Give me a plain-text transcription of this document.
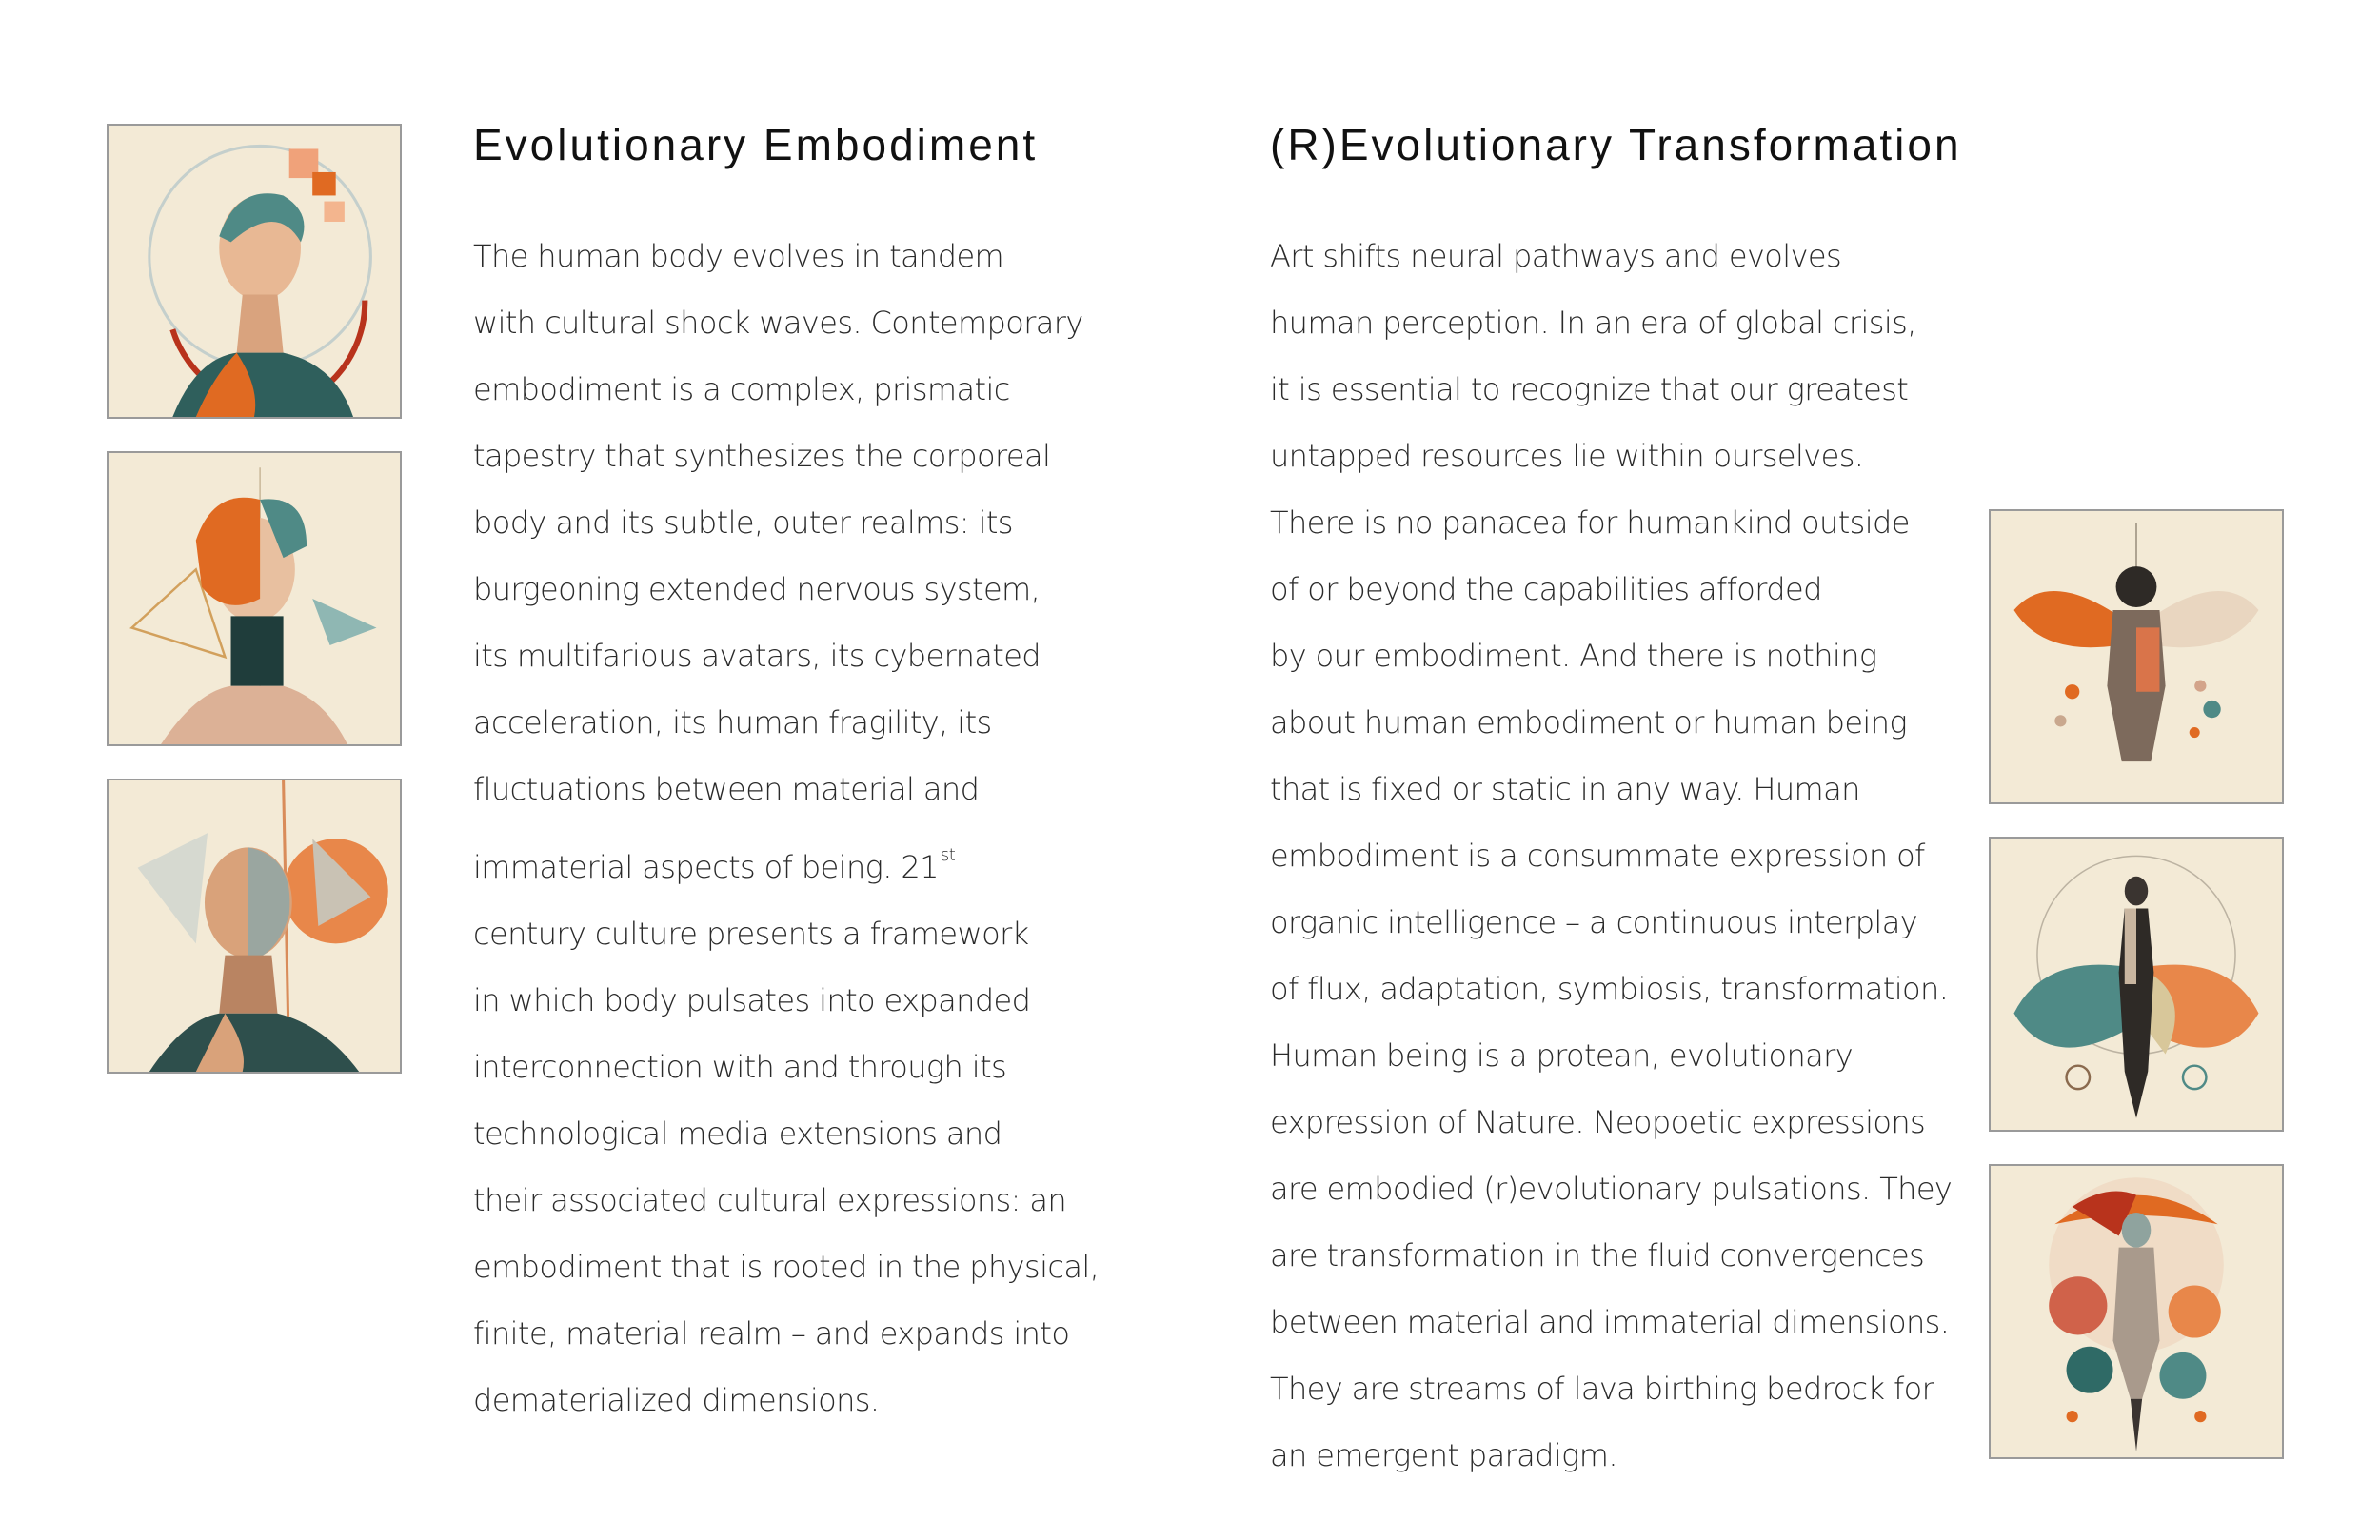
Evolutionary Embodiment
The human body evolves in tandem
with cultural shock waves. Contemporary
embodiment is a complex, prismatic
tapestry that synthesizes the corporeal
body and its subtle, outer realms: its
burgeoning extended nervous system,
its multifarious avatars, its cybernated
acceleration, its human fragility, its
fluctuations between material and
immaterial aspects of being. 21 $^{st}$
century culture presents a framework
in which body pulsates into expanded
interconnection with and through its
technological media extensions and
their associated cultural expressions: an
embodiment that is rooted in the physical,
finite, material realm – and expands into
dematerialized dimensions.
(R)Evolutionary Transformation
Art shifts neural pathways and evolves
human perception. In an era of global crisis,
it is essential to recognize that our greatest
untapped resources lie within ourselves.
There is no panacea for humankind outside
of or beyond the capabilities afforded
by our embodiment. And there is nothing
about human embodiment or human being
that is fixed or static in any way. Human
embodiment is a consummate expression of
organic intelligence – a continuous interplay
of flux, adaptation, symbiosis, transformation.
Human being is a protean, evolutionary
expression of Nature. Neopoetic expressions
are embodied (r)evolutionary pulsations. They
are transformation in the fluid convergences
between material and immaterial dimensions.
They are streams of lava birthing bedrock for
an emergent paradigm.
